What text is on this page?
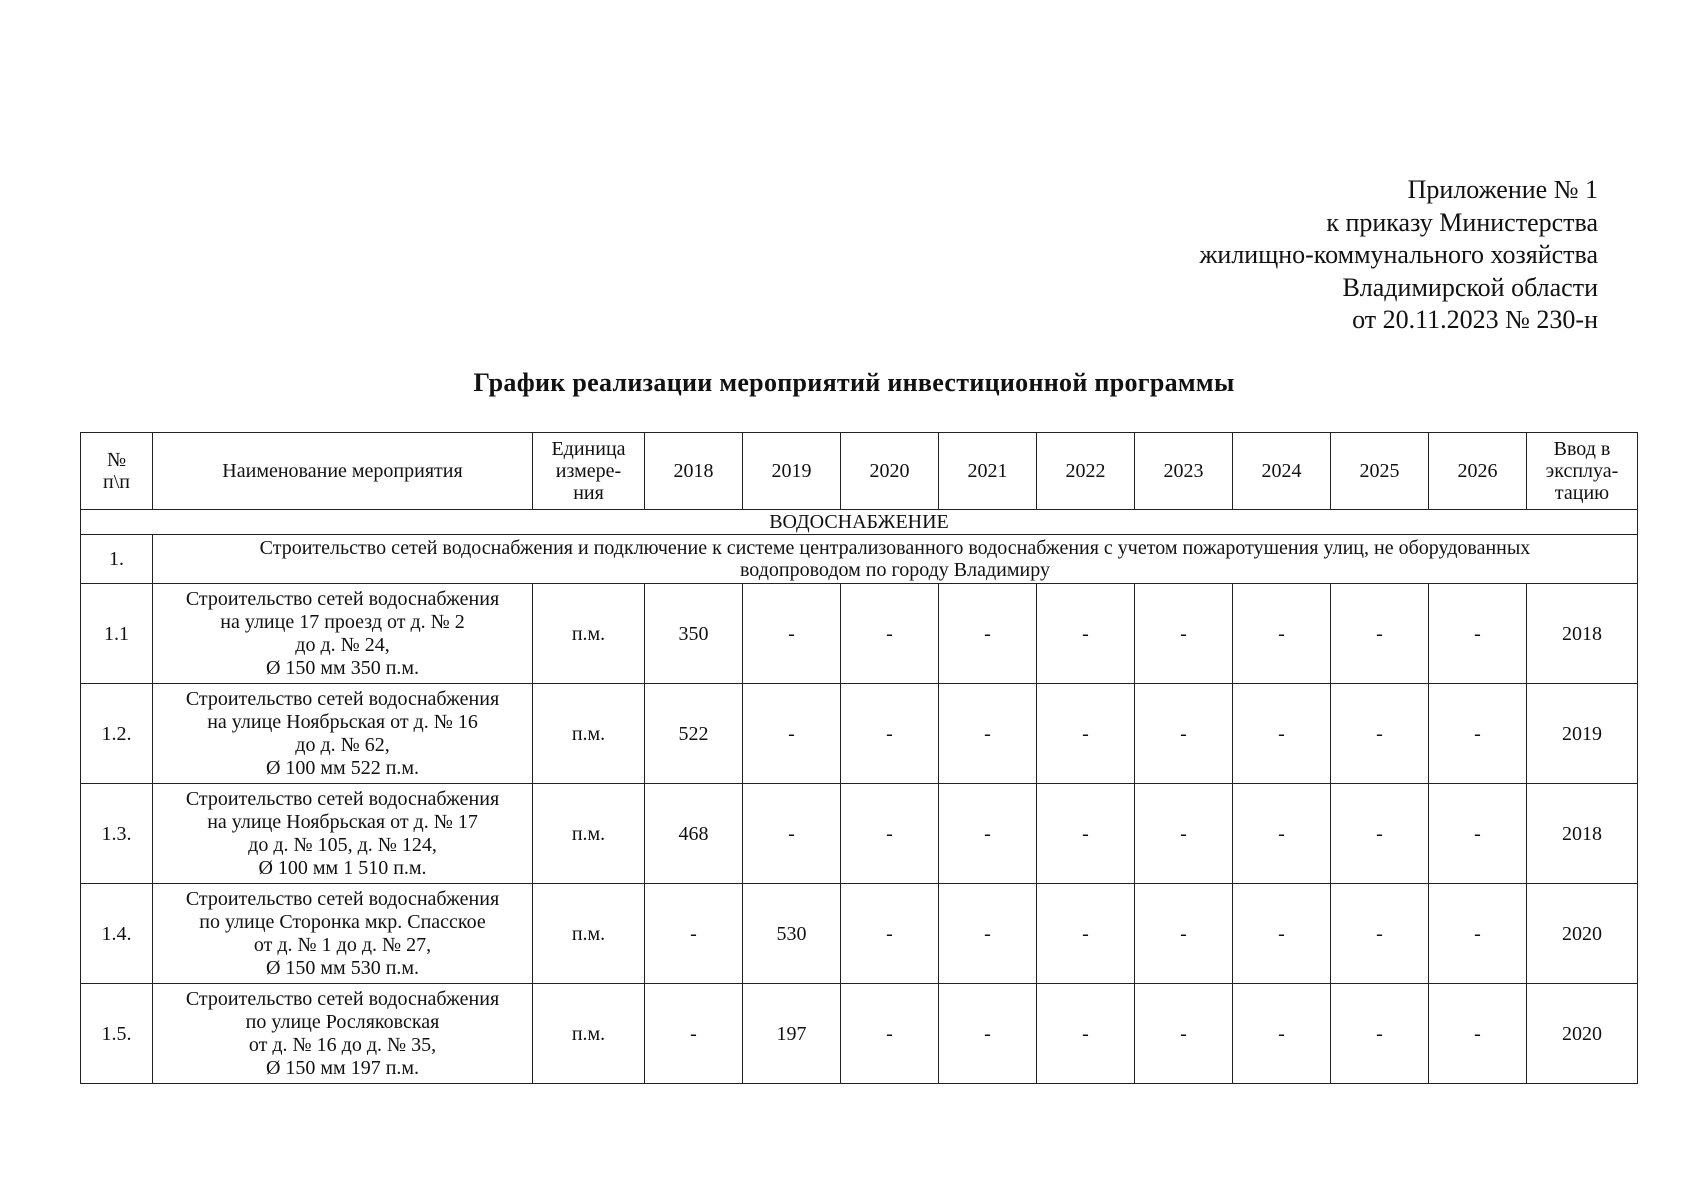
Приложение № 1
к приказу Министерства
жилищно-коммунального хозяйства
Владимирской области
от 20.11.2023 № 230-н
График реализации мероприятий инвестиционной программы
№
п\п	Наименование мероприятия	Единица
измере-
ния	2018	2019	2020	2021	2022	2023	2024	2025	2026	Ввод в
эксплуа-
тацию
ВОДОСНАБЖЕНИЕ												
1.	Строительство сетей водоснабжения и подключение к системе централизованного водоснабжения с учетом пожаротушения улиц, не оборудованных
водопроводом по городу Владимиру											
1.1	Строительство сетей водоснабжения
на улице 17 проезд от д. № 2
до д. № 24,
Ø 150 мм 350 п.м.	п.м.	350	-	-	-	-	-	-	-	-	2018
1.2.	Строительство сетей водоснабжения
на улице Ноябрьская от д. № 16
до д. № 62,
Ø 100 мм 522 п.м.	п.м.	522	-	-	-	-	-	-	-	-	2019
1.3.	Строительство сетей водоснабжения
на улице Ноябрьская от д. № 17
до д. № 105, д. № 124,
Ø 100 мм 1 510 п.м.	п.м.	468	-	-	-	-	-	-	-	-	2018
1.4.	Строительство сетей водоснабжения
по улице Сторонка мкр. Спасское
от д. № 1 до д. № 27,
Ø 150 мм 530 п.м.	п.м.	-	530	-	-	-	-	-	-	-	2020
1.5.	Строительство сетей водоснабжения
по улице Росляковская
от д. № 16 до д. № 35,
Ø 150 мм 197 п.м.	п.м.	-	197	-	-	-	-	-	-	-	2020
